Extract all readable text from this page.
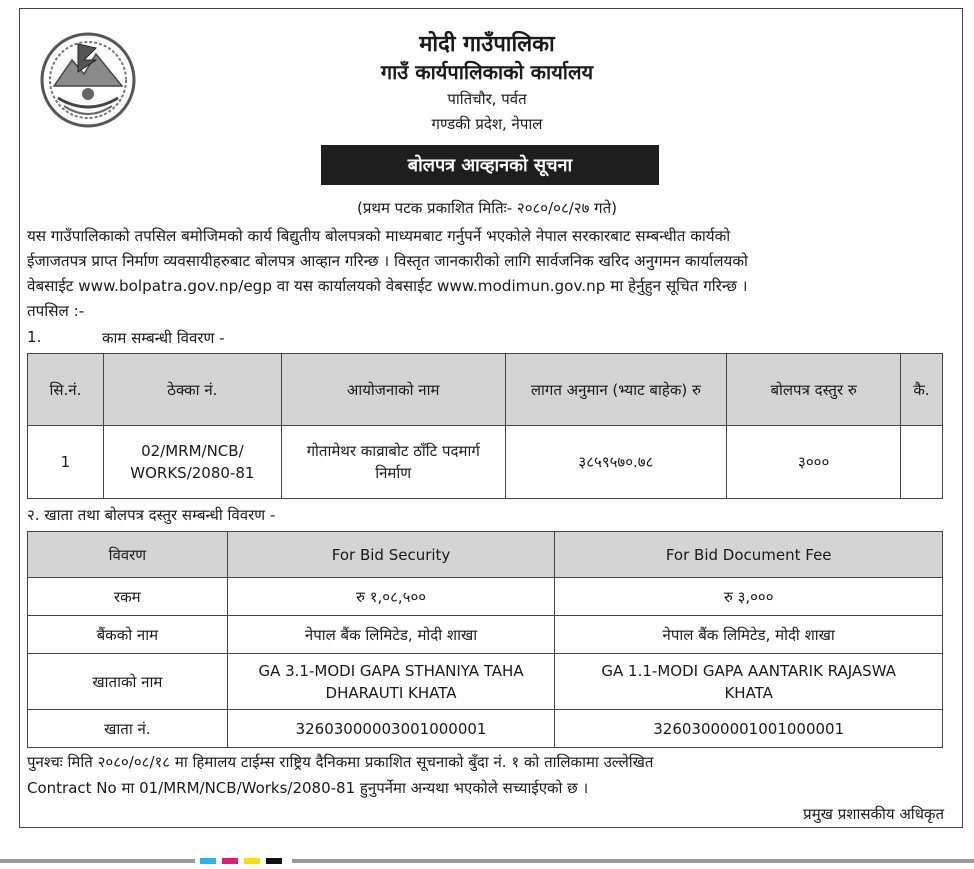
मोदी गाउँपालिका
गाउँ कार्यपालिकाको कार्यालय
पातिचौर, पर्वत
गण्डकी प्रदेश, नेपाल
बोलपत्र आव्हानको सूचना
(प्रथम पटक प्रकाशित मितिः- २०८०/०८/२७ गते)
यस गाउँपालिकाको तपसिल बमोजिमको कार्य बिद्युतीय बोलपत्रको माध्यमबाट गर्नुपर्ने भएकोले नेपाल सरकारबाट सम्बन्धीत कार्यको
ईजाजतपत्र प्राप्त निर्माण व्यवसायीहरुबाट बोलपत्र आव्हान गरिन्छ । विस्तृत जानकारीको लागि सार्वजनिक खरिद अनुगमन कार्यालयको
वेबसाईट www.bolpatra.gov.np/egp वा यस कार्यालयको वेबसाईट www.modimun.gov.np मा हेर्नुहुन सूचित गरिन्छ ।
तपसिल :-
1.	काम सम्बन्धी विवरण -
सि.नं.	ठेक्का नं.	आयोजनाको नाम	लागत अनुमान (भ्याट बाहेक) रु	बोलपत्र दस्तुर रु	कै.
1	02/MRM/NCB/ WORKS/2080-81	गोतामेथर काव्राबोट ठाँटि पदमार्ग निर्माण	३८५९५७०.७८	३०००	
२. खाता तथा बोलपत्र दस्तुर सम्बन्धी विवरण -
विवरण	For Bid Security	For Bid Document Fee
रकम	रु १,०८,५००	रु ३,०००
बैंकको नाम	नेपाल बैंक लिमिटेड, मोदी शाखा	नेपाल बैंक लिमिटेड, मोदी शाखा
खाताको नाम	GA 3.1-MODI GAPA STHANIYA TAHA DHARAUTI KHATA	GA 1.1-MODI GAPA AANTARIK RAJASWA KHATA
खाता नं.	32603000003001000001	32603000001001000001
पुनश्चः मिति २०८०/०८/१८ मा हिमालय टाईम्स राष्ट्रिय दैनिकमा प्रकाशित सूचनाको बुँदा नं. १ को तालिकामा उल्लेखित
Contract No मा 01/MRM/NCB/Works/2080-81 हुनुपर्नेमा अन्यथा भएकोले सच्याईएको छ ।
प्रमुख प्रशासकीय अधिकृत
